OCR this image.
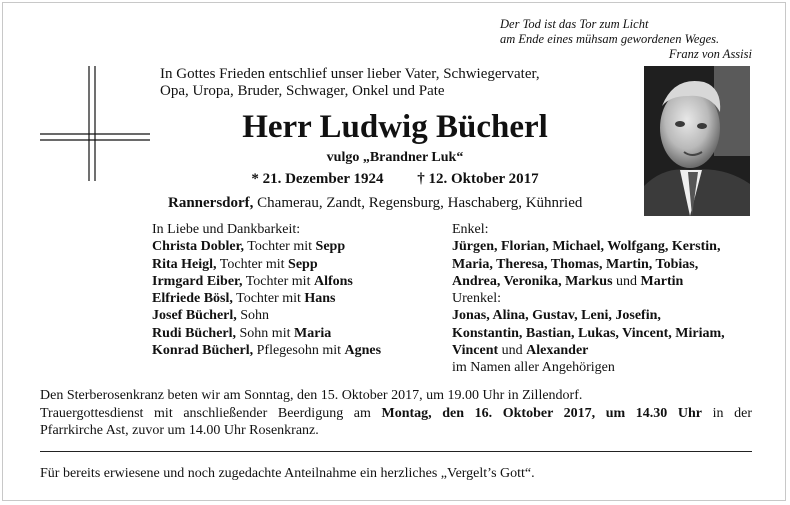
Der Tod ist das Tor zum Licht
am Ende eines mühsam gewordenen Weges.
Franz von Assisi
In Gottes Frieden entschlief unser lieber Vater, Schwiegervater,
Opa, Uropa, Bruder, Schwager, Onkel und Pate
Herr Ludwig Bücherl
vulgo „Brandner Luk“
* 21. Dezember 1924 † 12. Oktober 2017
Rannersdorf, Chamerau, Zandt, Regensburg, Haschaberg, Kühnried
In Liebe und Dankbarkeit:
Christa Dobler, Tochter mit Sepp
Rita Heigl, Tochter mit Sepp
Irmgard Eiber, Tochter mit Alfons
Elfriede Bösl, Tochter mit Hans
Josef Bücherl, Sohn
Rudi Bücherl, Sohn mit Maria
Konrad Bücherl, Pflegesohn mit Agnes
Enkel:
Jürgen, Florian, Michael, Wolfgang, Kerstin,
Maria, Theresa, Thomas, Martin, Tobias,
Andrea, Veronika, Markus und Martin
Urenkel:
Jonas, Alina, Gustav, Leni, Josefin,
Konstantin, Bastian, Lukas, Vincent, Miriam,
Vincent und Alexander
im Namen aller Angehörigen
Den Sterberosenkranz beten wir am Sonntag, den 15. Oktober 2017, um 19.00 Uhr in Zillendorf.
Trauergottesdienst mit anschließender Beerdigung am Montag, den 16. Oktober 2017, um 14.30 Uhr in der
Pfarrkirche Ast, zuvor um 14.00 Uhr Rosenkranz.
Für bereits erwiesene und noch zugedachte Anteilnahme ein herzliches „Vergelt’s Gott“.
